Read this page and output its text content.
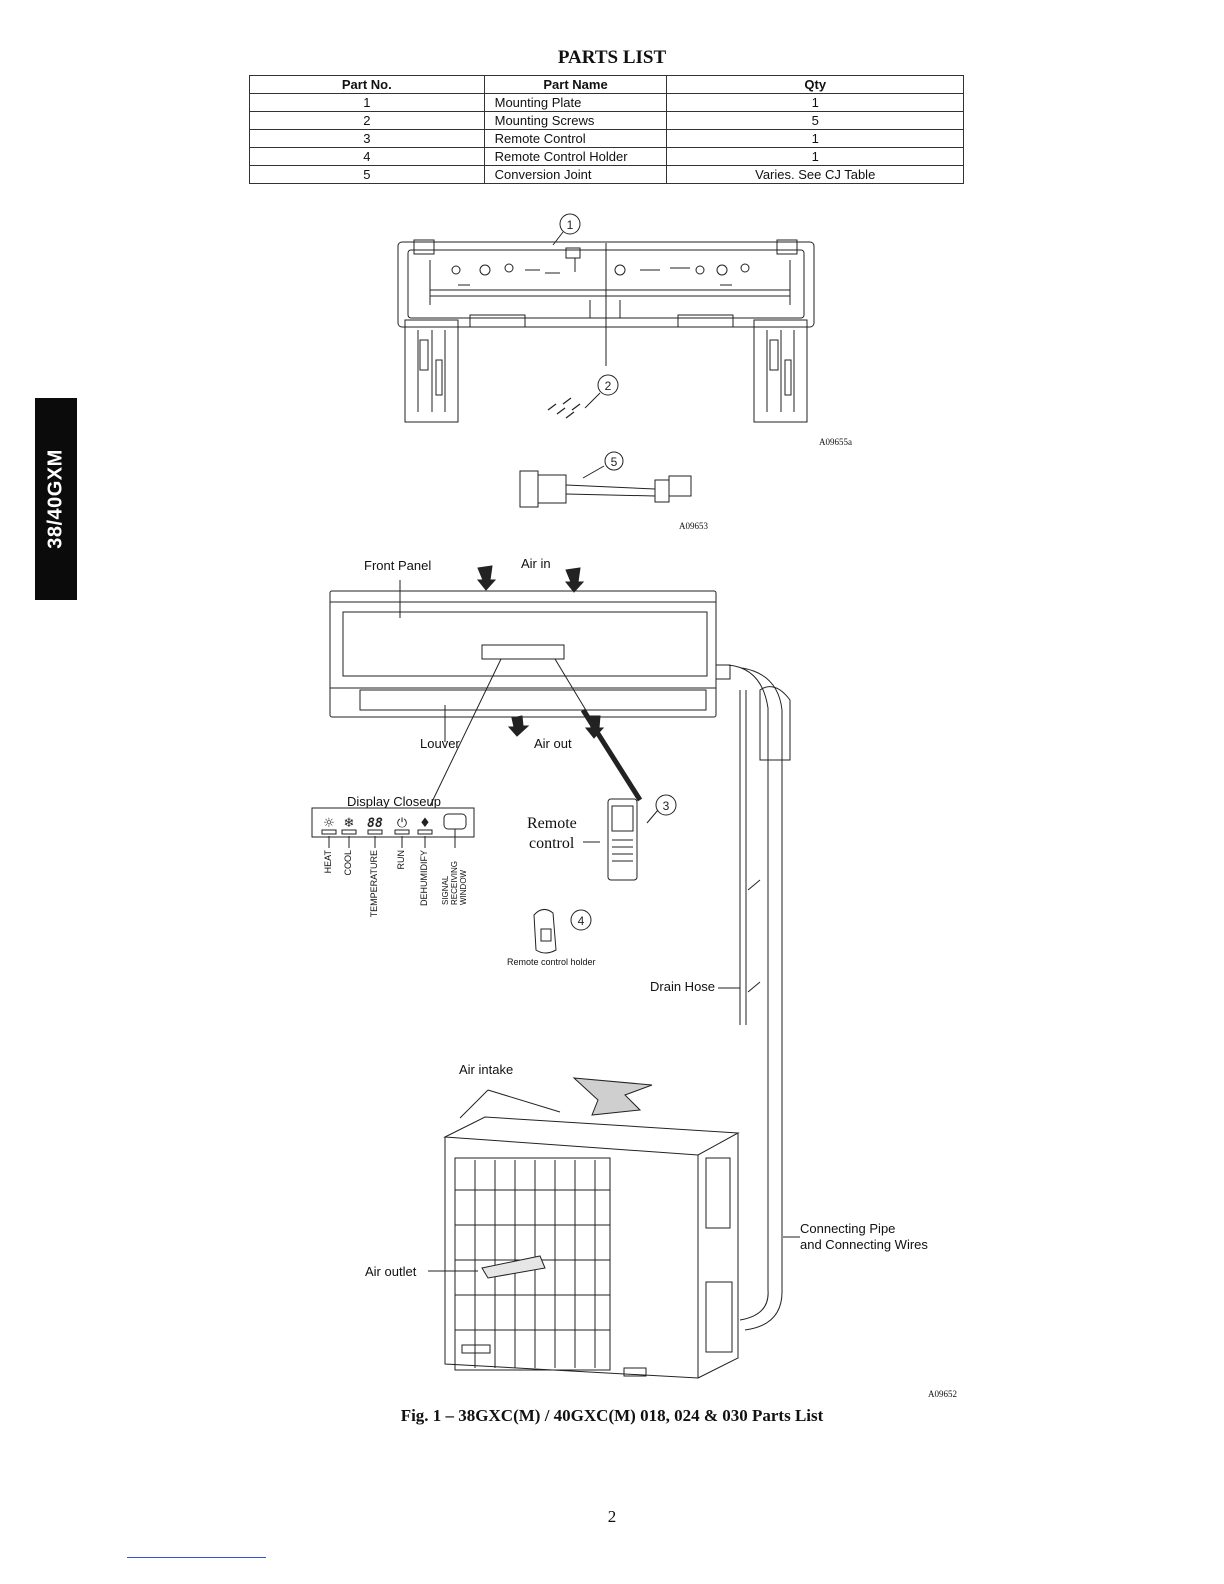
38/40GXM
PARTS LIST
Part No.	Part Name	Qty
1	Mounting Plate	1
2	Mounting Screws	5
3	Remote Control	1
4	Remote Control Holder	1
5	Conversion Joint	Varies. See CJ Table
1
2
5
3
4
☼ ❄ 88 ⏻ ♦
A09655a
A09653
A09652
Front Panel	Air in
Louver	Air out
Display Closeup
Remote
control
Remote control holder
Drain Hose
Air intake
Air outlet
Connecting Pipe
and Connecting Wires
HEAT COOL TEMPERATURE RUN DEHUMIDIFY SIGNAL RECEIVING WINDOW
Fig. 1 – 38GXC(M) / 40GXC(M) 018, 024 & 030 Parts List
2
